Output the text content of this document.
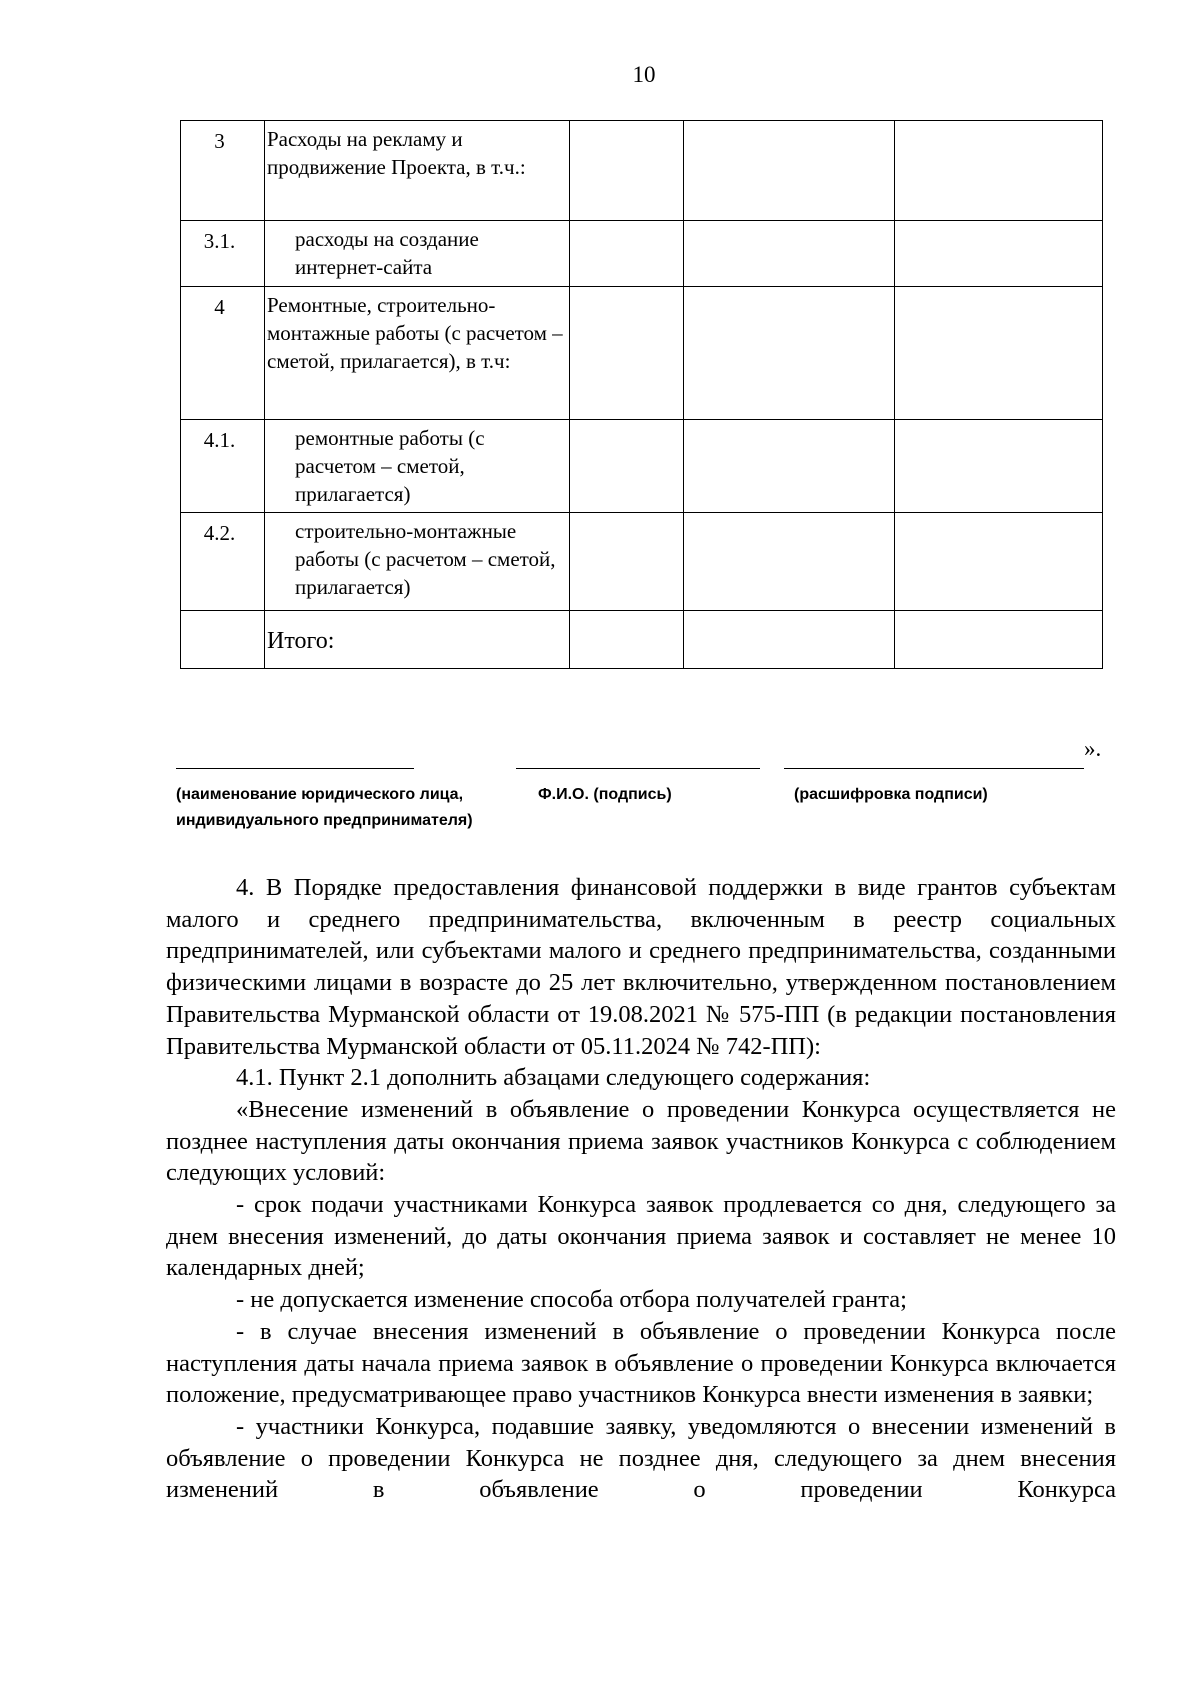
10
3	Расходы на рекламу и продвижение Проекта, в т.ч.:			
3.1.	расходы на создание интернет-сайта			
4	Ремонтные, строительно-монтажные работы (с расчетом – сметой, прилагается), в т.ч:			
4.1.	ремонтные работы (с расчетом – сметой, прилагается)			
4.2.	строительно-монтажные работы (с расчетом – сметой, прилагается)			
	Итого:			
».
(наименование юридического лица, индивидуального предпринимателя)
Ф.И.О. (подпись)	(расшифровка подписи)

4. В Порядке предоставления финансовой поддержки в виде грантов субъектам малого и среднего предпринимательства, включенным в реестр социальных предпринимателей, или субъектами малого и среднего предпринимательства, созданными физическими лицами в возрасте до 25 лет включительно, утвержденном постановлением Правительства Мурманской области от 19.08.2021 № 575-ПП (в редакции постановления Правительства Мурманской области от 05.11.2024 № 742-ПП):

4.1. Пункт 2.1 дополнить абзацами следующего содержания:

«Внесение изменений в объявление о проведении Конкурса осуществляется не позднее наступления даты окончания приема заявок участников Конкурса с соблюдением следующих условий:

- срок подачи участниками Конкурса заявок продлевается со дня, следующего за днем внесения изменений, до даты окончания приема заявок и составляет не менее 10 календарных дней;

- не допускается изменение способа отбора получателей гранта;

- в случае внесения изменений в объявление о проведении Конкурса после наступления даты начала приема заявок в объявление о проведении Конкурса включается положение, предусматривающее право участников Конкурса внести изменения в заявки;

- участники Конкурса, подавшие заявку, уведомляются о внесении изменений в объявление о проведении Конкурса не позднее дня, следующего за днем внесения изменений в объявление о проведении Конкурса
